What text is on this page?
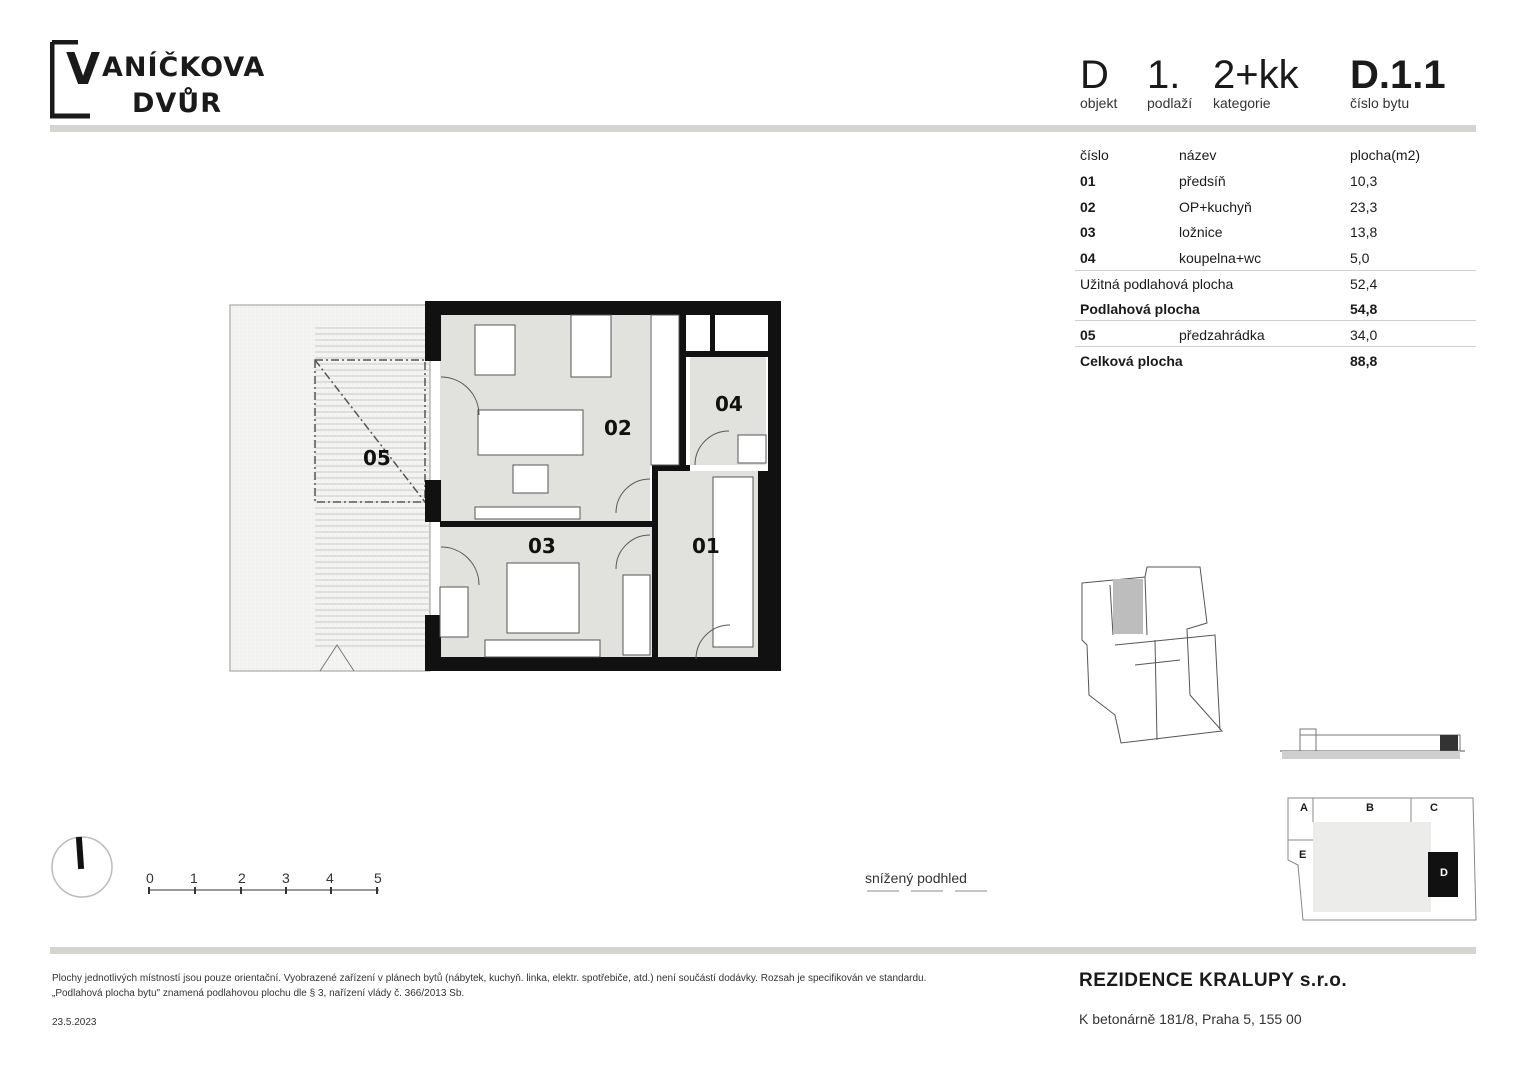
V ANÍČKOVA
DVŮR
D
objekt
1.
podlaží
2+kk
kategorie
D.1.1
číslo bytu
číslo	název	plocha(m2)
01	předsíň	10,3
02	OP+kuchyň	23,3
03	ložnice	13,8
04	koupelna+wc	5,0
Užitná podlahová plocha	52,4
Podlahová plocha	54,8
05	předzahrádka	34,0
Celková plocha	88,8
02
04
05
03	01
A	B	C
E
D
0	1	2	3	4	5	snížený podhled
Plochy jednotlivých místností jsou pouze orientační. Vyobrazené zařízení v plánech bytů (nábytek, kuchyň. linka, elektr. spotřebiče, atd.) není součástí dodávky. Rozsah je specifikován ve standardu.
„Podlahová plocha bytu" znamená podlahovou plochu dle § 3, nařízení vlády č. 366/2013 Sb.
23.5.2023
REZIDENCE KRALUPY s.r.o.
K betonárně 181/8, Praha 5, 155 00
